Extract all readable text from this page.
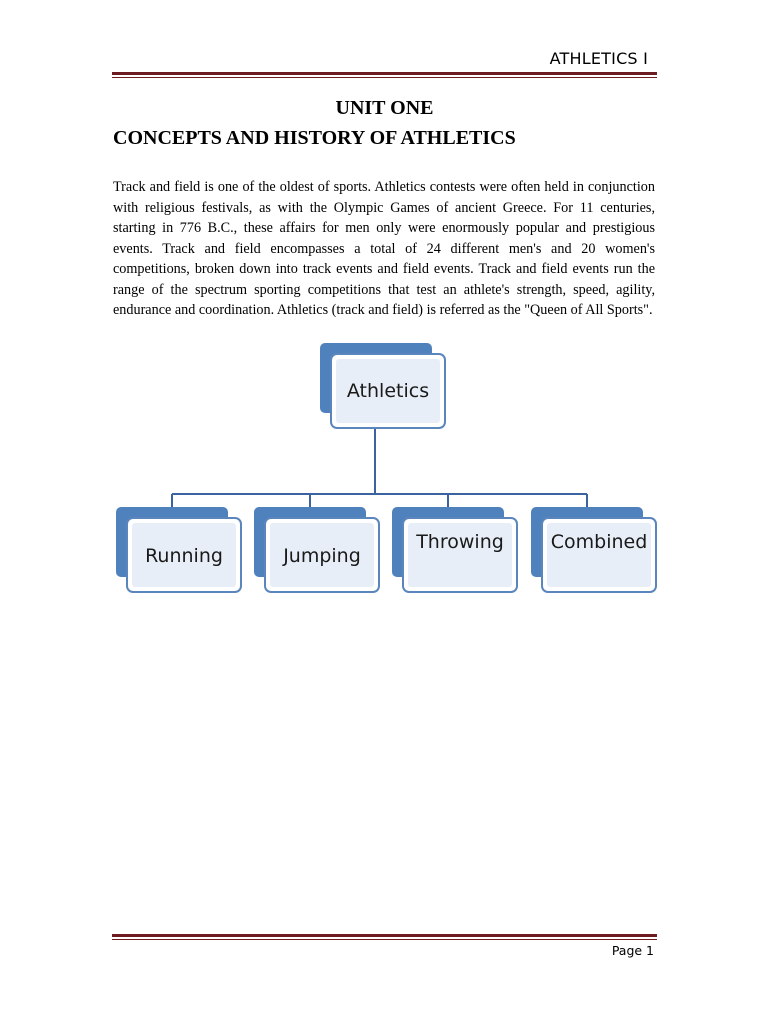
ATHLETICS I
UNIT ONE
CONCEPTS AND HISTORY OF ATHLETICS

Track and field is one of the oldest of sports. Athletics contests were often held in conjunction with religious festivals, as with the Olympic Games of ancient Greece. For 11 centuries, starting in 776 B.C., these affairs for men only were enormously popular and prestigious events. Track and field encompasses a total of 24 different men's and 20 women's competitions, broken down into track events and field events. Track and field events run the range of the spectrum sporting competitions that test an athlete's strength, speed, agility, endurance and coordination. Athletics (track and field) is referred as the "Queen of All Sports".

Athletics
Running	Jumping
Throwing	Combined
Page 1
